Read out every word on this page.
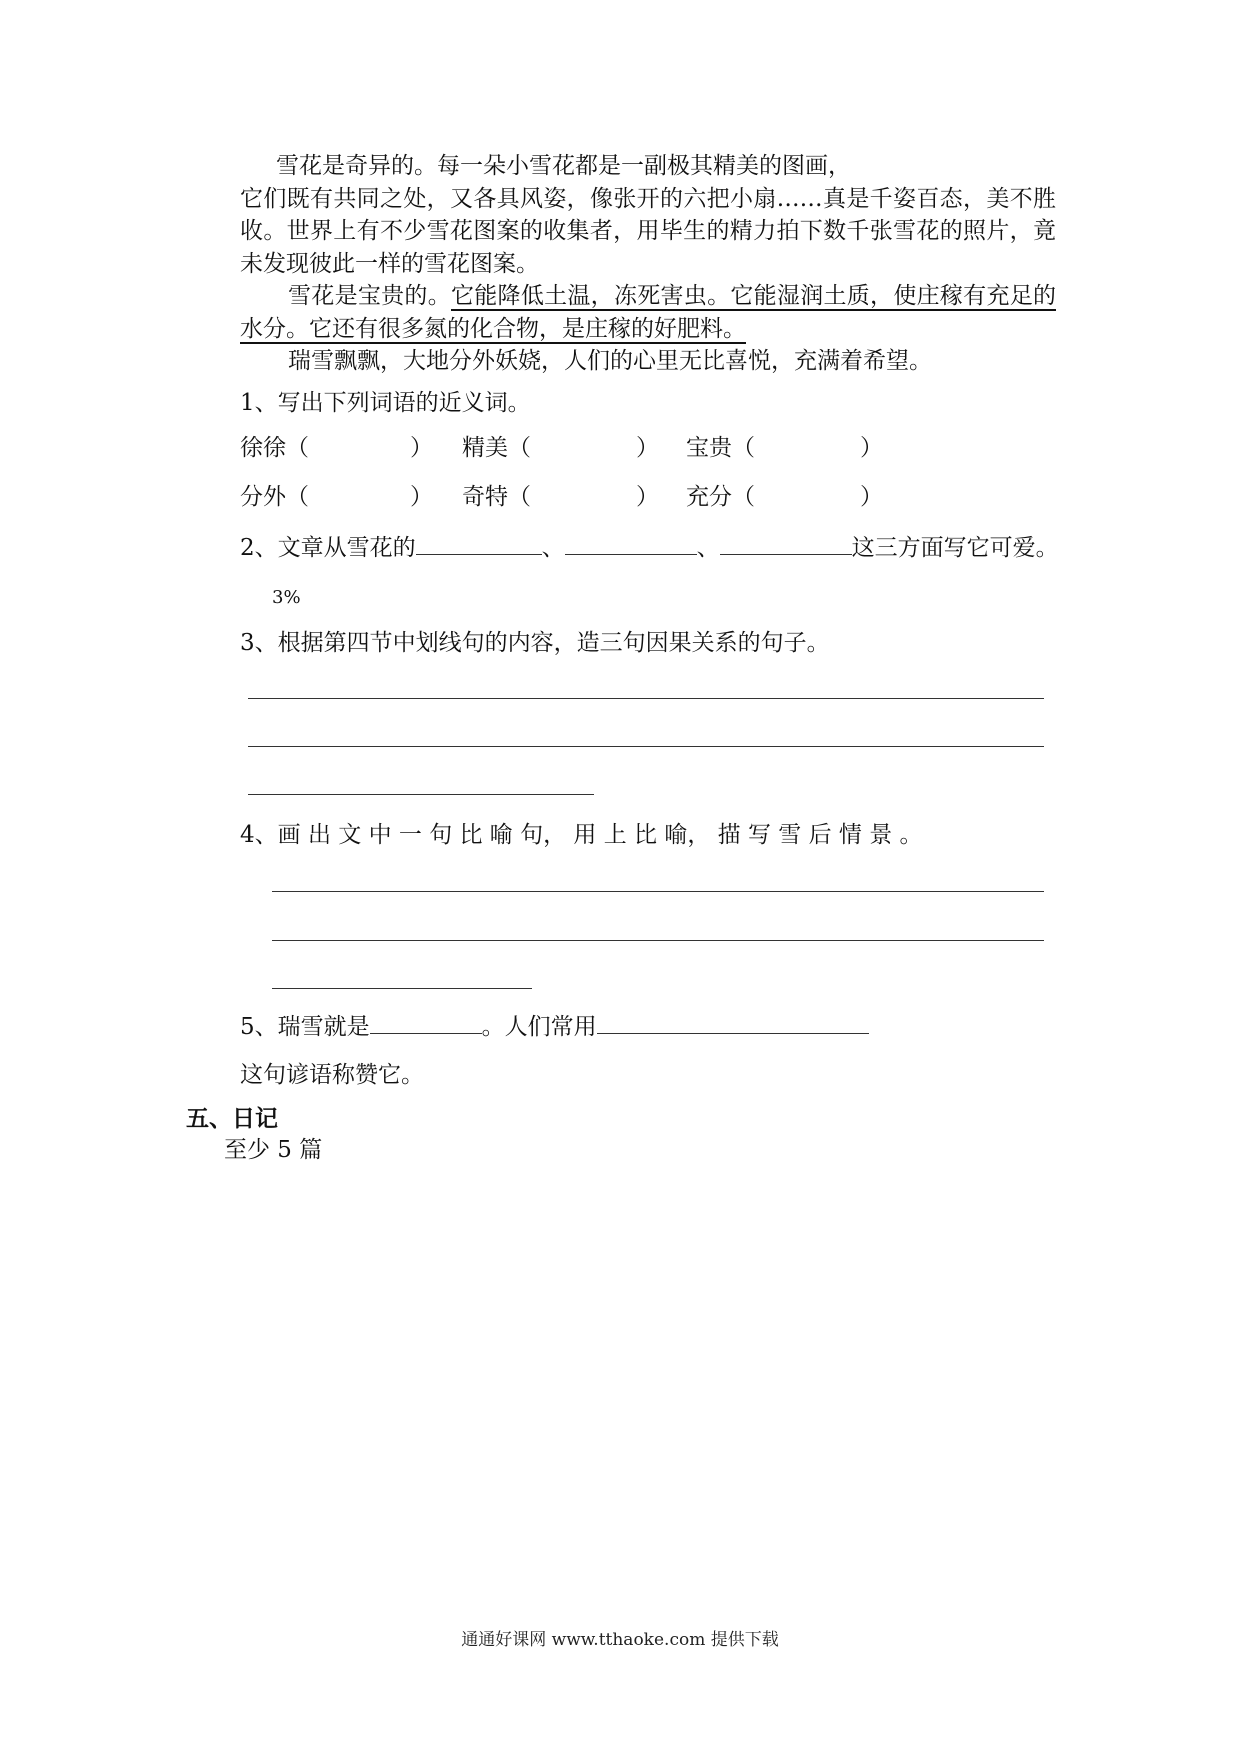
雪花是奇异的。每一朵小雪花都是一副极其精美的图画，

它们既有共同之处，又各具风姿，像张开的六把小扇……真是千姿百态，美不胜收。世界上有不少雪花图案的收集者，用毕生的精力拍下数千张雪花的照片，竟未发现彼此一样的雪花图案。

雪花是宝贵的。它能降低土温，冻死害虫。它能湿润土质，使庄稼有充足的水分。它还有很多氮的化合物，是庄稼的好肥料。

瑞雪飘飘，大地分外妖娆，人们的心里无比喜悦，充满着希望。

1、写出下列词语的近义词。
徐徐（	） 精美（	） 宝贵（	）
分外（	） 奇特（	） 充分（	）
2、文章从雪花的	、	、	这三方面写它可爱。
3%
3、根据第四节中划线句的内容，造三句因果关系的句子。
4、画 出 文 中 一 句 比 喻 句， 用 上 比 喻， 描 写 雪 后 情 景 。
5、瑞雪就是	。人们常用
这句谚语称赞它。
五、日记
至少 5 篇
通通好课网 www.tthaoke.com 提供下载
